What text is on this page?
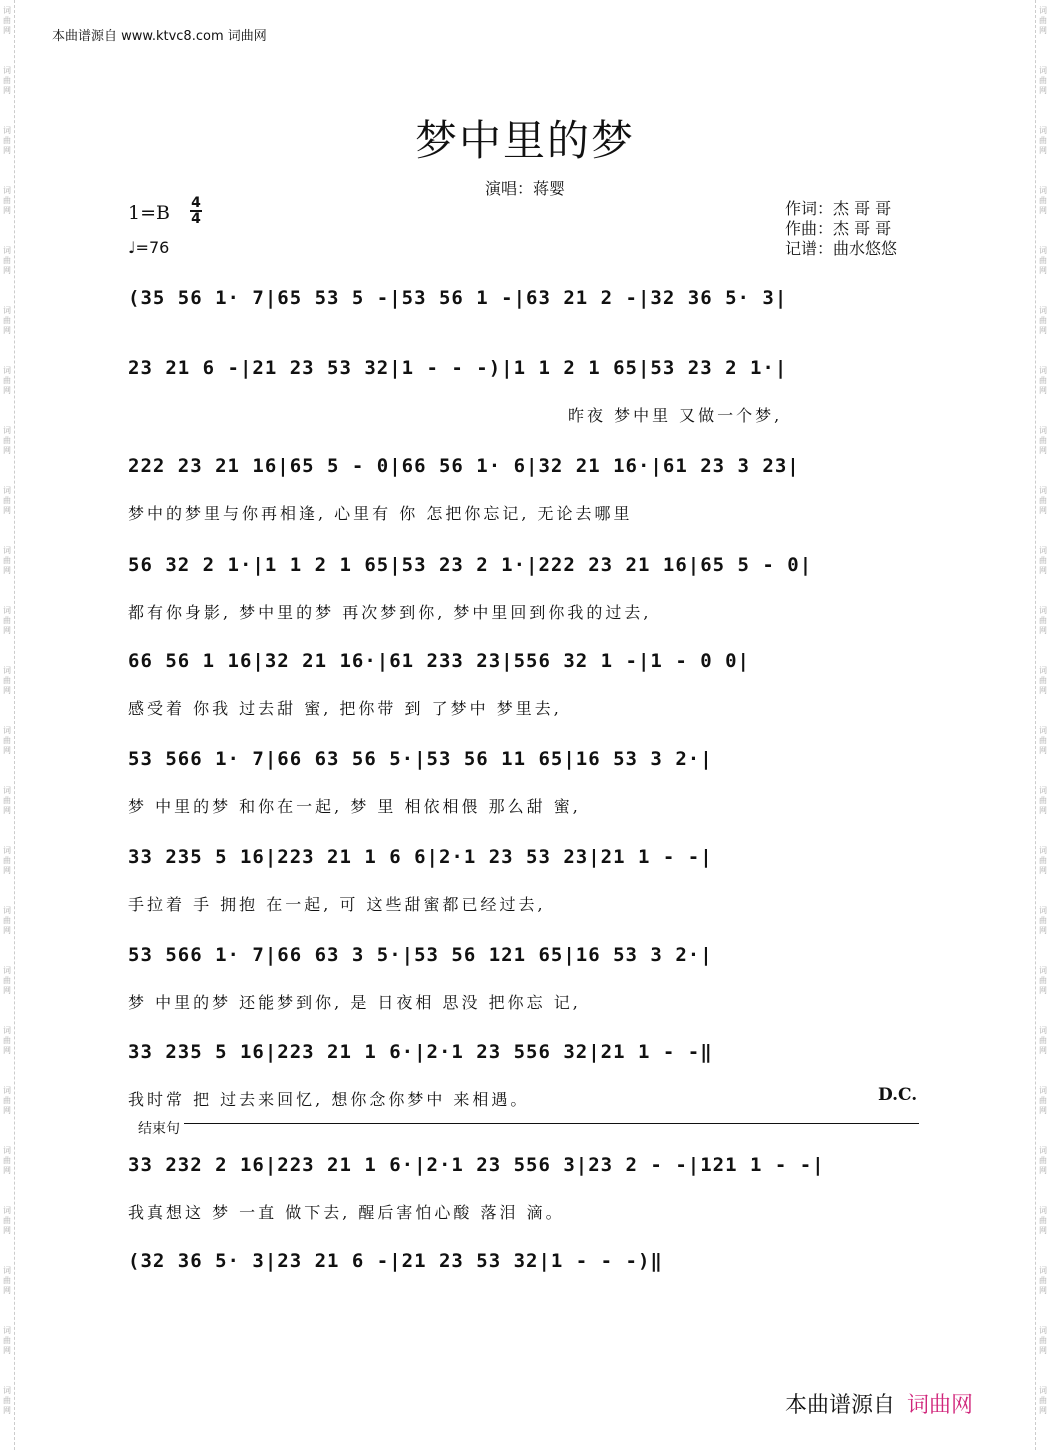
词
曲
网
词
曲
网
词
曲
网
词
曲
网
词
曲
网
词
曲
网
词
曲
网
词
曲
网
词
曲
网
词
曲
网
词
曲
网
词
曲
网
词
曲
网
词
曲
网
词
曲
网
词
曲
网
词
曲
网
词
曲
网
词
曲
网
词
曲
网
词
曲
网
词
曲
网
词
曲
网
词
曲
网
词
曲
网
词
曲
网
词
曲
网
词
曲
网
词
曲
网
词
曲
网
词
曲
网
词
曲
网
词
曲
网
词
曲
网
词
曲
网
词
曲
网
词
曲
网
词
曲
网
词
曲
网
词
曲
网
词
曲
网
词
曲
网
词
曲
网
词
曲
网
词
曲
网
词
曲
网
词
曲
网
词
曲
网
本曲谱源自 www.ktvc8.com 词曲网
梦中里的梦
演唱：蒋婴
1=B 4
4
♩=76
作词：杰 哥 哥
作曲：杰 哥 哥
记谱：曲水悠悠
(35 56 1· 7|65 53 5 -|53 56 1 -|63 21 2 -|32 36 5· 3|
23 21 6 -|21 23 53 32|1 - - -)|1 1 2 1 65|53 23 2 1·|
昨夜 梦中里 又做一个梦,
222 23 21 16|65 5 - 0|66 56 1· 6|32 21 16·|61 23 3 23|
梦中的梦里与你再相逢, 心里有 你 怎把你忘记, 无论去哪里
56 32 2 1·|1 1 2 1 65|53 23 2 1·|222 23 21 16|65 5 - 0|
都有你身影, 梦中里的梦 再次梦到你, 梦中里回到你我的过去,
66 56 1 16|32 21 16·|61 233 23|556 32 1 -|1 - 0 0|
感受着 你我 过去甜 蜜, 把你带 到 了梦中 梦里去,
53 566 1· 7|66 63 56 5·|53 56 11 65|16 53 3 2·|
梦 中里的梦 和你在一起, 梦 里 相依相偎 那么甜 蜜,
33 235 5 16|223 21 1 6 6|2·1 23 53 23|21 1 - -|
手拉着 手 拥抱 在一起, 可 这些甜蜜都已经过去,
53 566 1· 7|66 63 3 5·|53 56 121 65|16 53 3 2·|
梦 中里的梦 还能梦到你, 是 日夜相 思没 把你忘 记,
33 235 5 16|223 21 1 6·|2·1 23 556 32|21 1 - -‖
我时常 把 过去来回忆, 想你念你梦中 来相遇。	D.C.
结束句
33 232 2 16|223 21 1 6·|2·1 23 556 3|23 2 - -|121 1 - -|
我真想这 梦 一直 做下去, 醒后害怕心酸 落泪 滴。
(32 36 5· 3|23 21 6 -|21 23 53 32|1 - - -)‖
本曲谱源自 词曲网
